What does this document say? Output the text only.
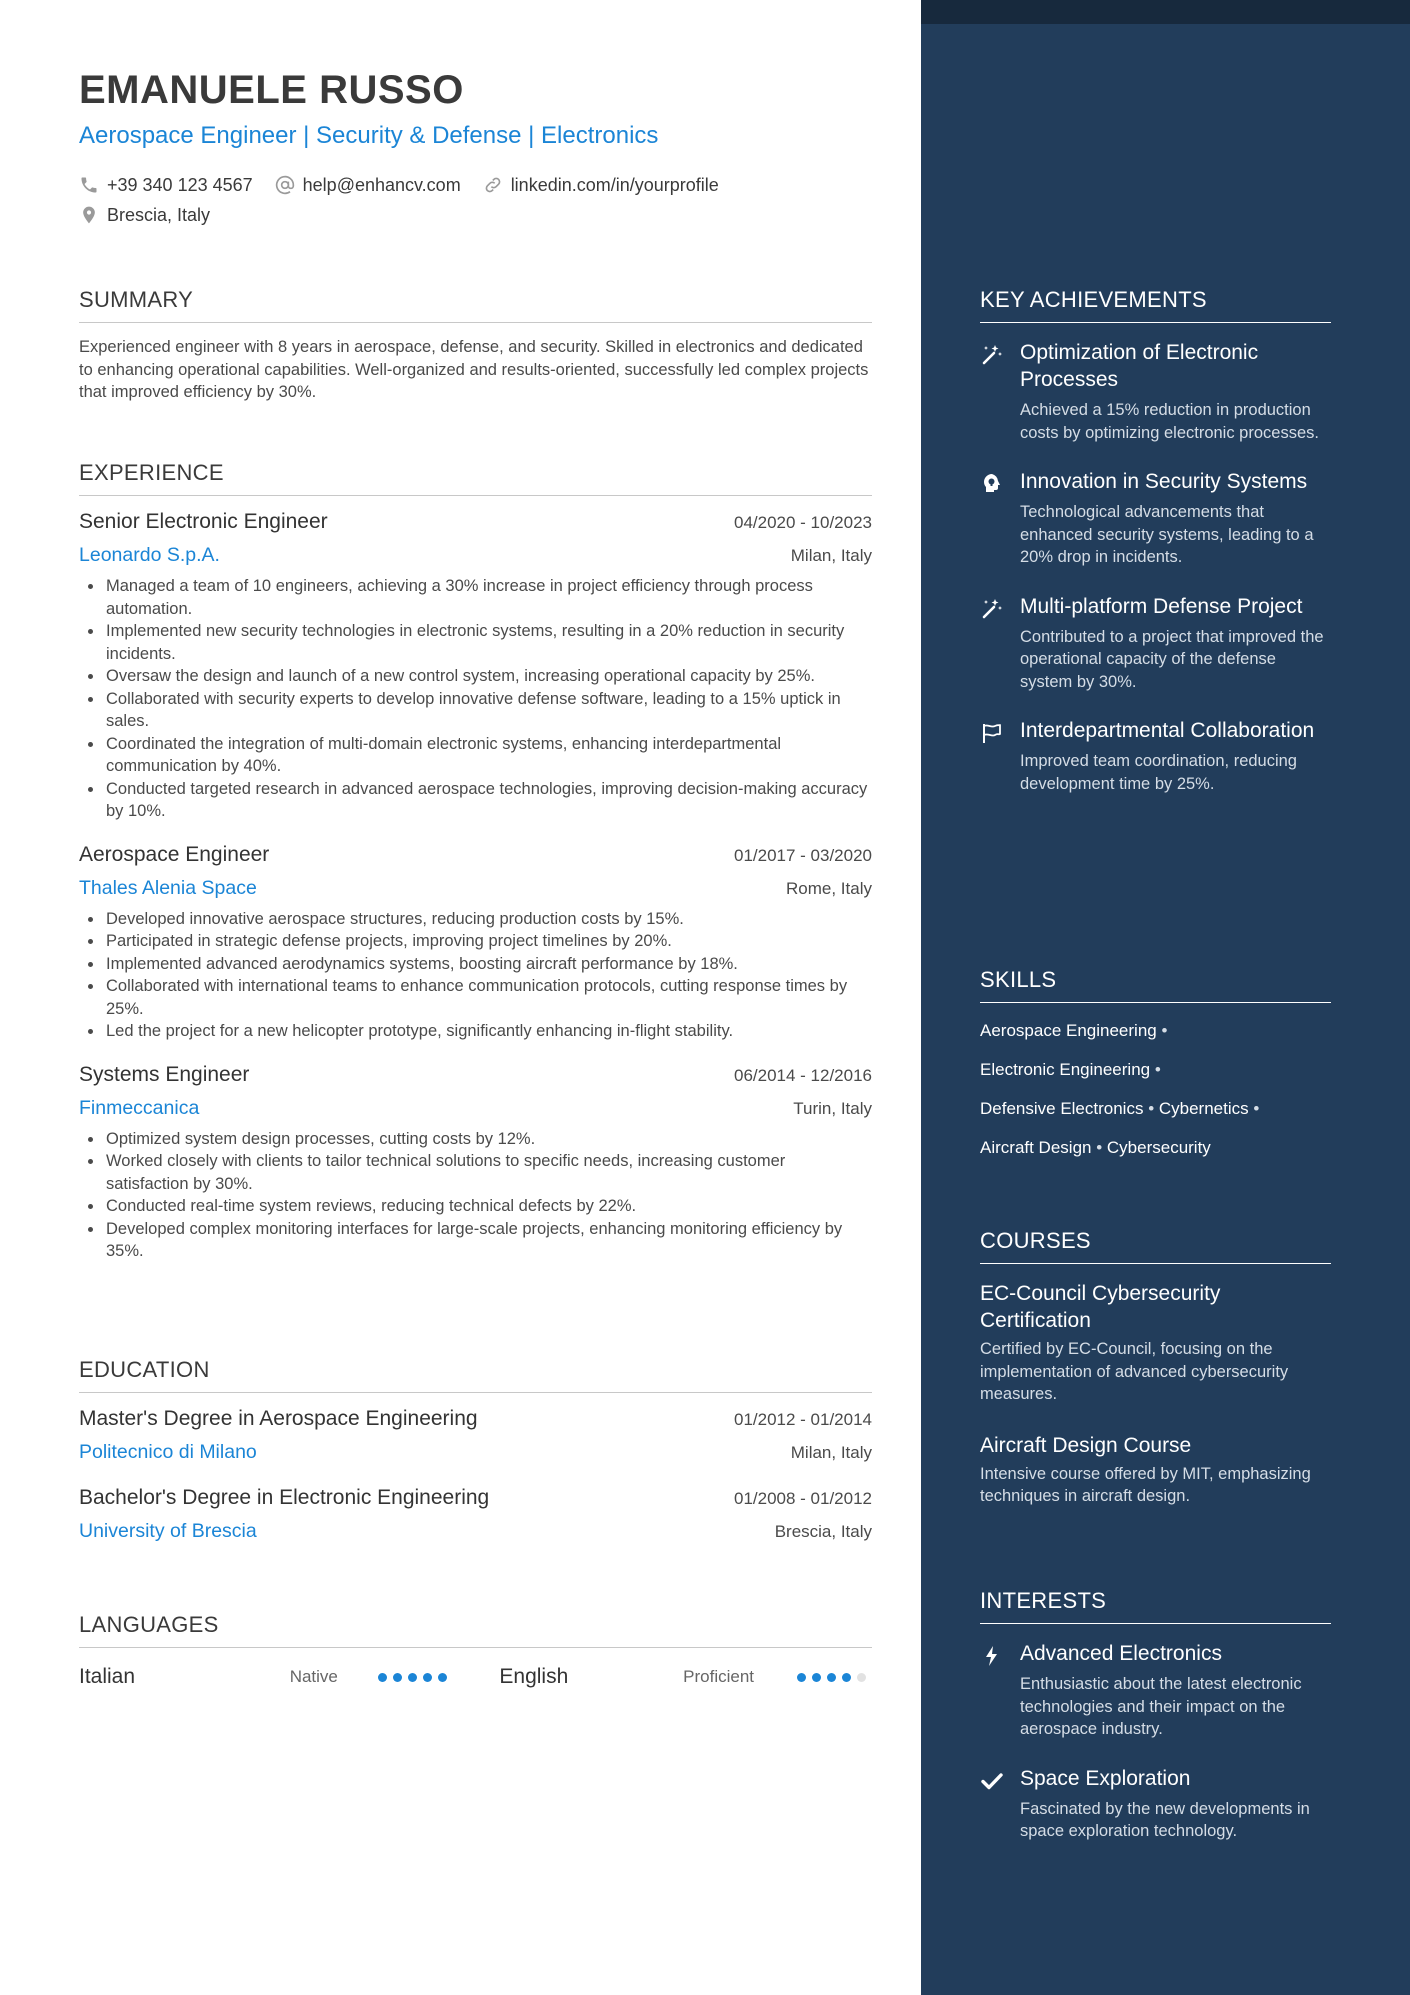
EMANUELE RUSSO
Aerospace Engineer | Security & Defense | Electronics
+39 340 123 4567	help@enhancv.com	linkedin.com/in/yourprofile
Brescia, Italy
SUMMARY
Experienced engineer with 8 years in aerospace, defense, and security. Skilled in electronics and dedicated to enhancing operational capabilities. Well-organized and results-oriented, successfully led complex projects that improved efficiency by 30%.
EXPERIENCE
Senior Electronic Engineer	04/2020 - 10/2023
Leonardo S.p.A.	Milan, Italy
Managed a team of 10 engineers, achieving a 30% increase in project efficiency through process automation.
Implemented new security technologies in electronic systems, resulting in a 20% reduction in security incidents.
Oversaw the design and launch of a new control system, increasing operational capacity by 25%.
Collaborated with security experts to develop innovative defense software, leading to a 15% uptick in sales.
Coordinated the integration of multi-domain electronic systems, enhancing interdepartmental communication by 40%.
Conducted targeted research in advanced aerospace technologies, improving decision-making accuracy by 10%.
Aerospace Engineer	01/2017 - 03/2020
Thales Alenia Space	Rome, Italy
Developed innovative aerospace structures, reducing production costs by 15%.
Participated in strategic defense projects, improving project timelines by 20%.
Implemented advanced aerodynamics systems, boosting aircraft performance by 18%.
Collaborated with international teams to enhance communication protocols, cutting response times by 25%.
Led the project for a new helicopter prototype, significantly enhancing in-flight stability.
Systems Engineer	06/2014 - 12/2016
Finmeccanica	Turin, Italy
Optimized system design processes, cutting costs by 12%.
Worked closely with clients to tailor technical solutions to specific needs, increasing customer satisfaction by 30%.
Conducted real-time system reviews, reducing technical defects by 22%.
Developed complex monitoring interfaces for large-scale projects, enhancing monitoring efficiency by 35%.
EDUCATION
Master's Degree in Aerospace Engineering	01/2012 - 01/2014
Politecnico di Milano	Milan, Italy
Bachelor's Degree in Electronic Engineering	01/2008 - 01/2012
University of Brescia	Brescia, Italy
LANGUAGES
Italian	Native	English	Proficient
KEY ACHIEVEMENTS
Optimization of Electronic Processes
Achieved a 15% reduction in production costs by optimizing electronic processes.
Innovation in Security Systems
Technological advancements that enhanced security systems, leading to a 20% drop in incidents.
Multi-platform Defense Project
Contributed to a project that improved the operational capacity of the defense system by 30%.
Interdepartmental Collaboration
Improved team coordination, reducing development time by 25%.
SKILLS
Aerospace Engineering •
Electronic Engineering •
Defensive Electronics • Cybernetics •
Aircraft Design • Cybersecurity
COURSES
EC-Council Cybersecurity Certification
Certified by EC-Council, focusing on the implementation of advanced cybersecurity measures.
Aircraft Design Course
Intensive course offered by MIT, emphasizing techniques in aircraft design.
INTERESTS
Advanced Electronics
Enthusiastic about the latest electronic technologies and their impact on the aerospace industry.
Space Exploration
Fascinated by the new developments in space exploration technology.
